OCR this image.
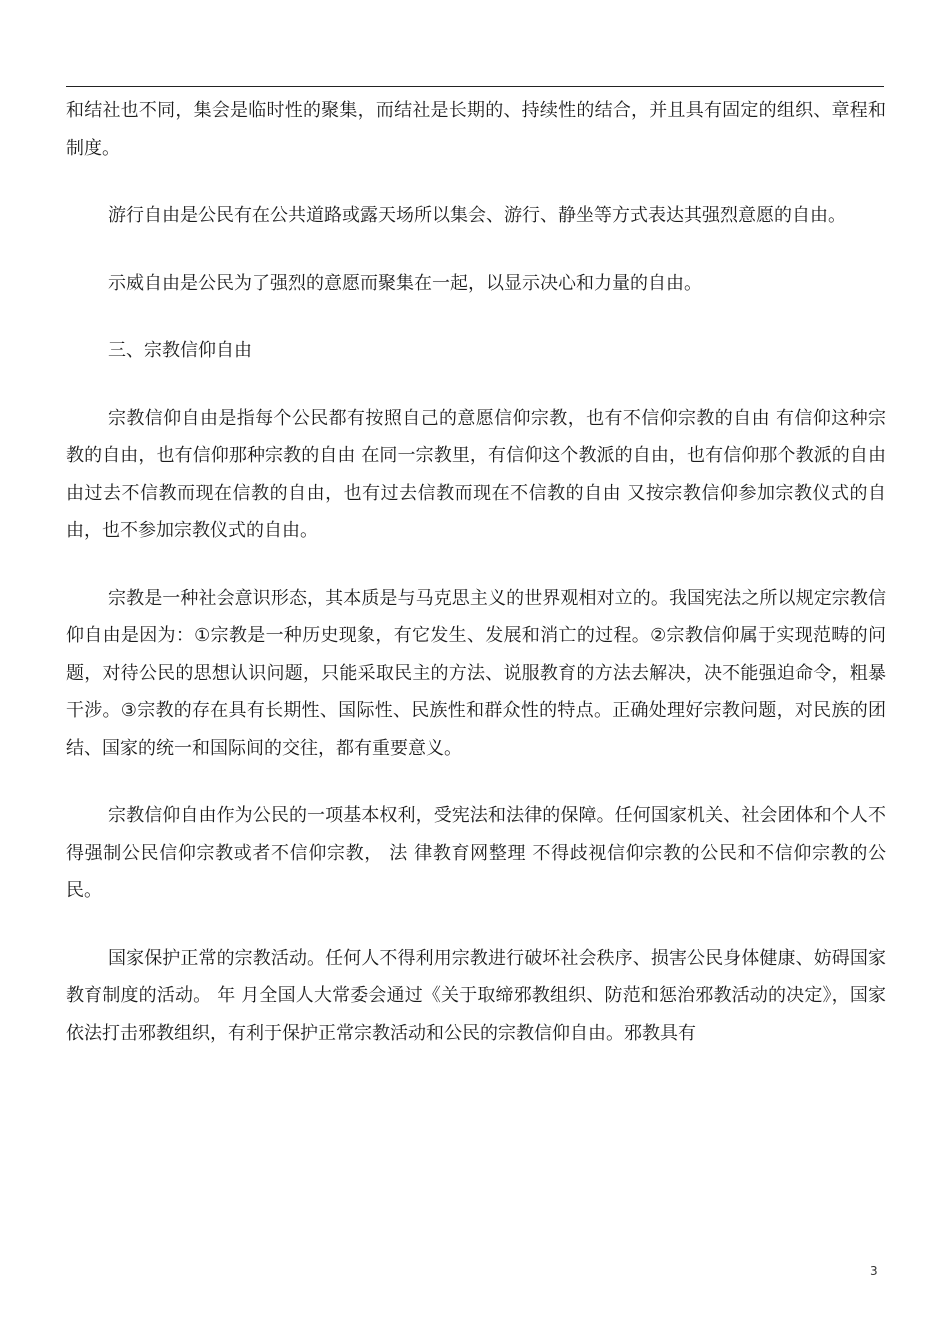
和结社也不同，集会是临时性的聚集，而结社是长期的、持续性的结合，并且具有固定的组织、章程和制度。

游行自由是公民有在公共道路或露天场所以集会、游行、静坐等方式表达其强烈意愿的自由。

示威自由是公民为了强烈的意愿而聚集在一起，以显示决心和力量的自由。

三、宗教信仰自由

宗教信仰自由是指每个公民都有按照自己的意愿信仰宗教，也有不信仰宗教的自由 有信仰这种宗教的自由，也有信仰那种宗教的自由 在同一宗教里，有信仰这个教派的自由，也有信仰那个教派的自由 由过去不信教而现在信教的自由，也有过去信教而现在不信教的自由 又按宗教信仰参加宗教仪式的自由，也不参加宗教仪式的自由。

宗教是一种社会意识形态，其本质是与马克思主义的世界观相对立的。我国宪法之所以规定宗教信仰自由是因为：①宗教是一种历史现象，有它发生、发展和消亡的过程。②宗教信仰属于实现范畴的问题，对待公民的思想认识问题，只能采取民主的方法、说服教育的方法去解决，决不能强迫命令，粗暴干涉。③宗教的存在具有长期性、国际性、民族性和群众性的特点。正确处理好宗教问题，对民族的团结、国家的统一和国际间的交往，都有重要意义。

宗教信仰自由作为公民的一项基本权利，受宪法和法律的保障。任何国家机关、社会团体和个人不得强制公民信仰宗教或者不信仰宗教， 法 律教育网整理 不得歧视信仰宗教的公民和不信仰宗教的公民。

国家保护正常的宗教活动。任何人不得利用宗教进行破坏社会秩序、损害公民身体健康、妨碍国家教育制度的活动。 年 月全国人大常委会通过《关于取缔邪教组织、防范和惩治邪教活动的决定》，国家依法打击邪教组织，有利于保护正常宗教活动和公民的宗教信仰自由。邪教具有

3
